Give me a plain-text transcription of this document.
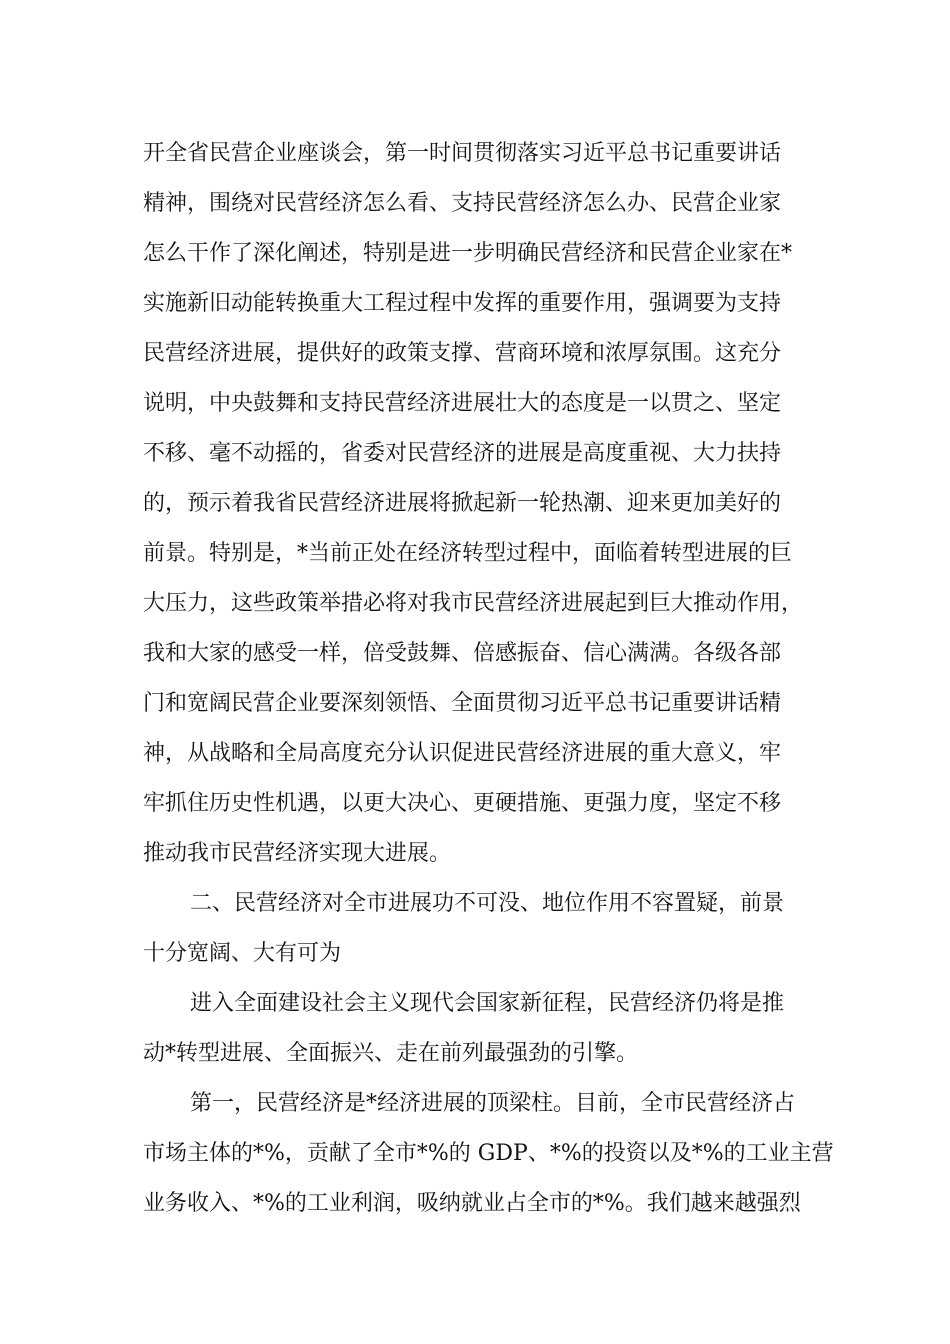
开全省民营企业座谈会，第一时间贯彻落实习近平总书记重要讲话
精神，围绕对民营经济怎么看、支持民营经济怎么办、民营企业家
怎么干作了深化阐述，特别是进一步明确民营经济和民营企业家在*
实施新旧动能转换重大工程过程中发挥的重要作用，强调要为支持
民营经济进展，提供好的政策支撑、营商环境和浓厚氛围。这充分
说明，中央鼓舞和支持民营经济进展壮大的态度是一以贯之、坚定
不移、毫不动摇的，省委对民营经济的进展是高度重视、大力扶持
的，预示着我省民营经济进展将掀起新一轮热潮、迎来更加美好的
前景。特别是，*当前正处在经济转型过程中，面临着转型进展的巨
大压力，这些政策举措必将对我市民营经济进展起到巨大推动作用，
我和大家的感受一样，倍受鼓舞、倍感振奋、信心满满。各级各部
门和宽阔民营企业要深刻领悟、全面贯彻习近平总书记重要讲话精
神，从战略和全局高度充分认识促进民营经济进展的重大意义，牢
牢抓住历史性机遇，以更大决心、更硬措施、更强力度，坚定不移
推动我市民营经济实现大进展。
二、民营经济对全市进展功不可没、地位作用不容置疑，前景
十分宽阔、大有可为
进入全面建设社会主义现代会国家新征程，民营经济仍将是推
动*转型进展、全面振兴、走在前列最强劲的引擎。
第一，民营经济是*经济进展的顶梁柱。目前，全市民营经济占
市场主体的*%，贡献了全市*%的 GDP、*%的投资以及*%的工业主营
业务收入、*%的工业利润，吸纳就业占全市的*%。我们越来越强烈
